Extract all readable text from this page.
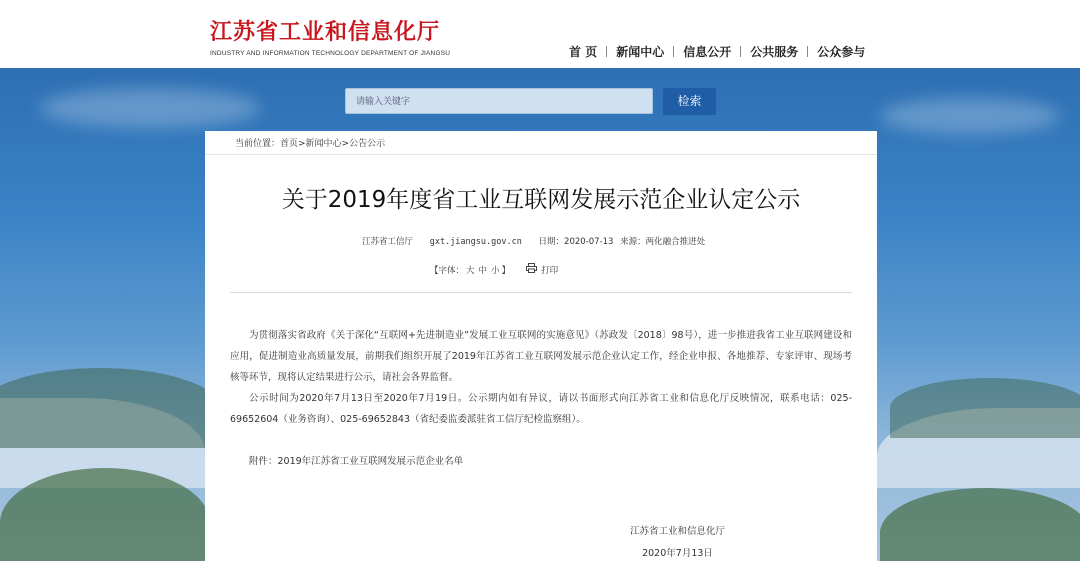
江苏省工业和信息化厅
INDUSTRY AND INFORMATION TECHNOLOGY DEPARTMENT OF JIANGSU	首 页	新闻中心	信息公开	公共服务	公众参与
请输入关键字	检索
当前位置：首页>新闻中心>公告公示
关于2019年度省工业互联网发展示范企业认定公示
江苏省工信厅 gxt.jiangsu.gov.cn 日期：2020-07-13 来源：两化融合推进处
【字体： 大 中 小 】	打印

为贯彻落实省政府《关于深化“互联网+先进制造业”发展工业互联网的实施意见》（苏政发〔2018〕98号），进一步推进我省工业互联网建设和应用，促进制造业高质量发展，前期我们组织开展了2019年江苏省工业互联网发展示范企业认定工作，经企业申报、各地推荐、专家评审、现场考核等环节，现将认定结果进行公示，请社会各界监督。

公示时间为2020年7月13日至2020年7月19日。公示期内如有异议，请以书面形式向江苏省工业和信息化厅反映情况，联系电话：025-69652604（业务咨询）、025-69652843（省纪委监委派驻省工信厅纪检监察组）。

附件：2019年江苏省工业互联网发展示范企业名单

江苏省工业和信息化厅
2020年7月13日
